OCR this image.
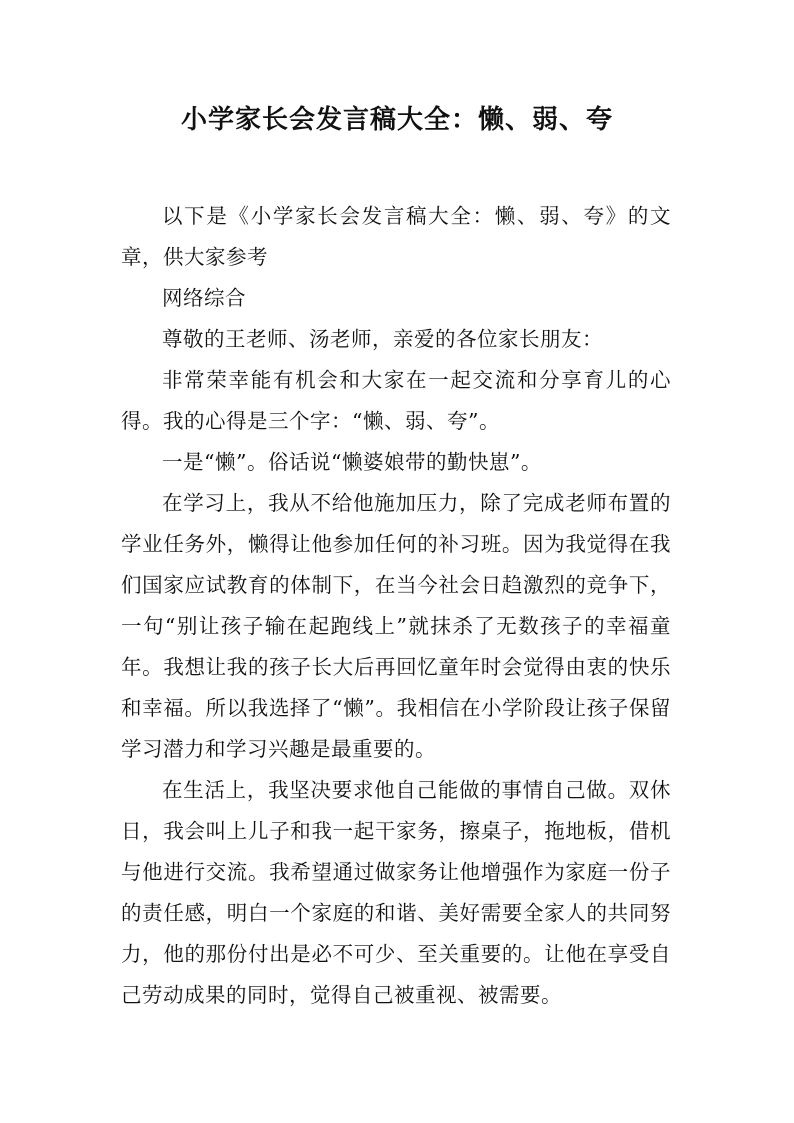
小学家长会发言稿大全：懒、弱、夸

以下是《小学家长会发言稿大全：懒、弱、夸》的文章，供大家参考

网络综合

尊敬的王老师、汤老师，亲爱的各位家长朋友：

非常荣幸能有机会和大家在一起交流和分享育儿的心得。我的心得是三个字：“懒、弱、夸”。

一是“懒”。俗话说“懒婆娘带的勤快崽”。

在学习上，我从不给他施加压力，除了完成老师布置的学业任务外，懒得让他参加任何的补习班。因为我觉得在我们国家应试教育的体制下，在当今社会日趋激烈的竞争下，一句“别让孩子输在起跑线上”就抹杀了无数孩子的幸福童年。我想让我的孩子长大后再回忆童年时会觉得由衷的快乐和幸福。所以我选择了“懒”。我相信在小学阶段让孩子保留学习潜力和学习兴趣是最重要的。

在生活上，我坚决要求他自己能做的事情自己做。双休日，我会叫上儿子和我一起干家务，擦桌子，拖地板，借机与他进行交流。我希望通过做家务让他增强作为家庭一份子的责任感，明白一个家庭的和谐、美好需要全家人的共同努力，他的那份付出是必不可少、至关重要的。让他在享受自己劳动成果的同时，觉得自己被重视、被需要。
